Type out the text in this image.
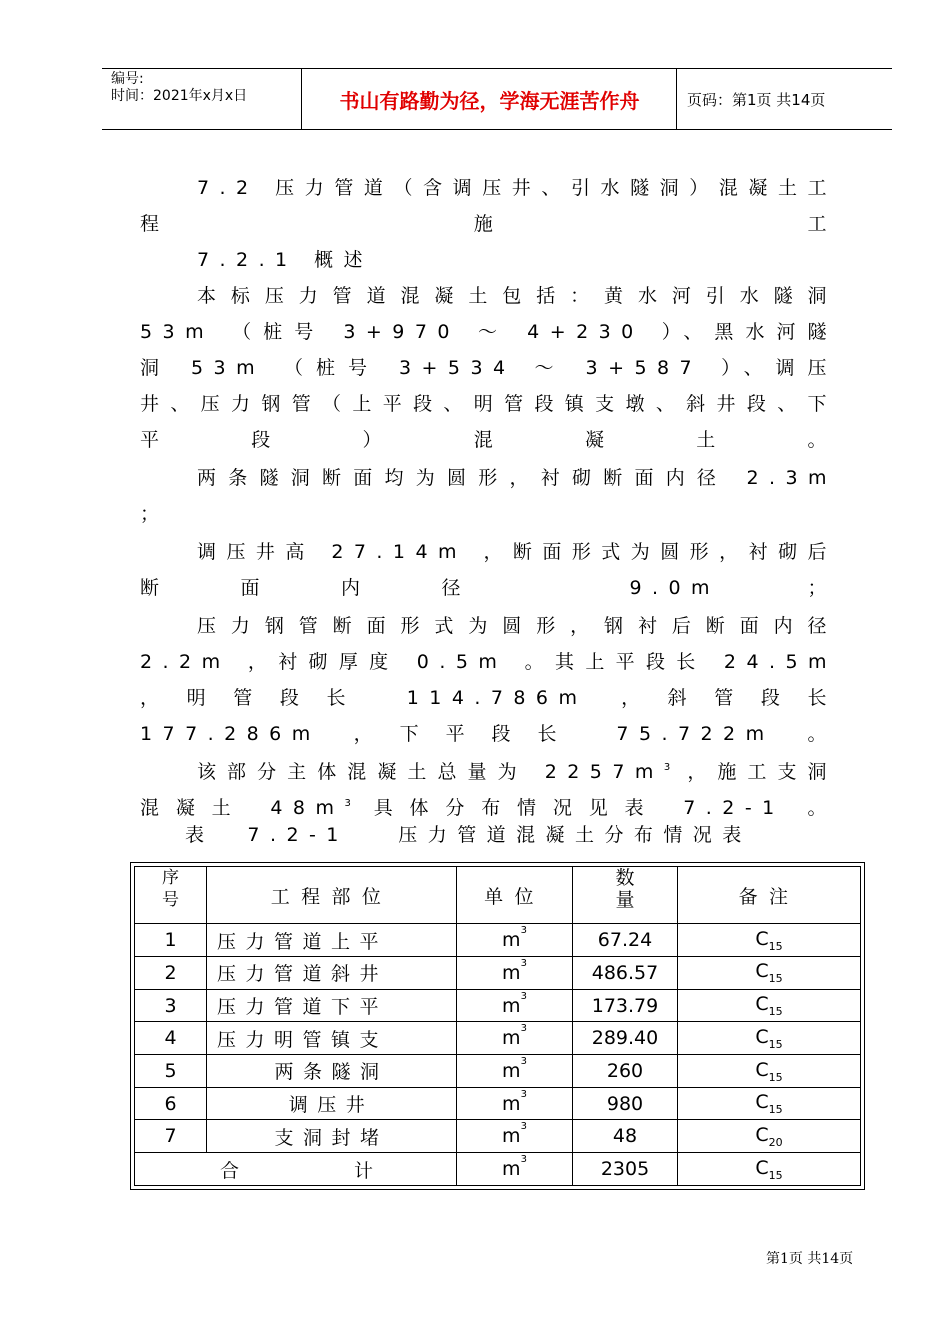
编号:
时间：2021年x月x日	书山有路勤为径，学海无涯苦作舟	页码：第1页 共14页

7.2 压力管道（含调压井、引水隧洞）混凝土工程施工

7.2.1 概述

本标压力管道混凝土包括：黄水河引水隧洞 53m （桩号 3+970 ～ 4+230 ）、黑水河隧洞 53m （桩号 3+534 ～ 3+587 ）、调压井、压力钢管（上平段、明管段镇支墩、斜井段、下平段）混凝土。

两条隧洞断面均为圆形，衬砌断面内径 2.3m ；

调压井高 27.14m ，断面形式为圆形，衬砌后断面内径 9.0m ；

压力钢管断面形式为圆形，钢衬后断面内径 2.2m ，衬砌厚度 0.5m 。其上平段长 24.5m ，明管段长 114.786m ，斜管段长 177.286m ，下平段长 75.722m 。

该部分主体混凝土总量为 $2257m^3$ ，施工支洞混凝土 $48m^3$ 具体分布情况见表 7.2-1 。

表  7.2-1   压力管道混凝土分布情况表
序号	工程部位	单位	数量	备注
1	压力管道上平	$m^3$	67.24	$C_{15}$
2	压力管道斜井	$m^3$	486.57	$C_{15}$
3	压力管道下平	$m^3$	173.79	$C_{15}$
4	压力明管镇支	$m^3$	289.40	$C_{15}$
5	两条隧洞	$m^3$	260	$C_{15}$
6	调压井	$m^3$	980	$C_{15}$
7	支洞封堵	$m^3$	48	$C_{20}$
合 计		$m^3$	2305	$C_{15}$
第1页 共14页
